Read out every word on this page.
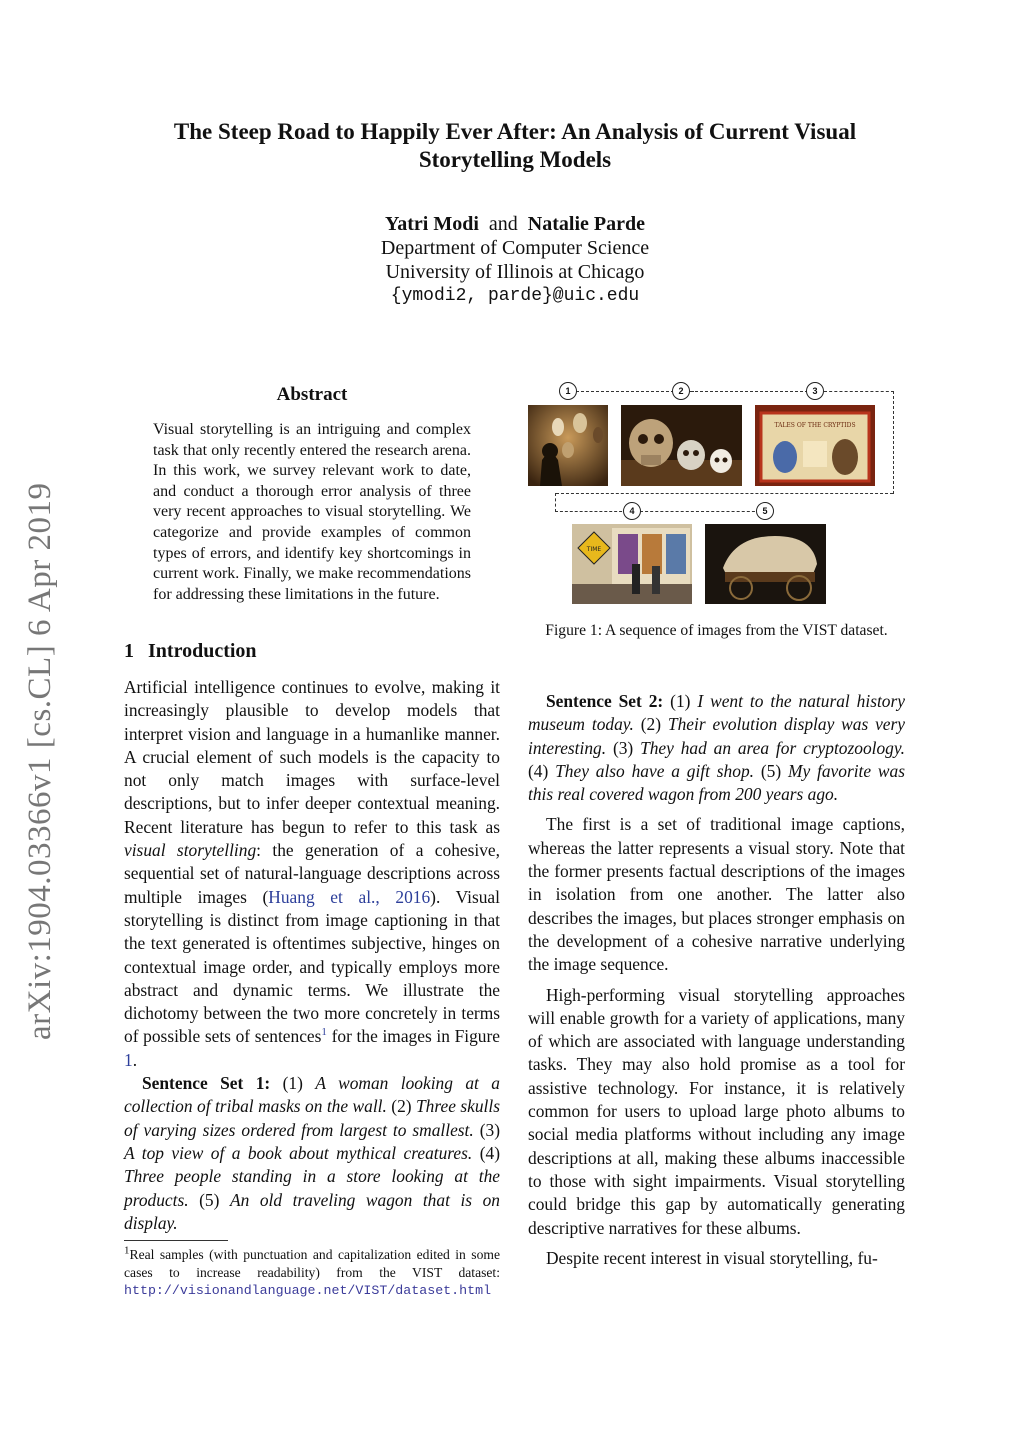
The Steep Road to Happily Ever After: An Analysis of Current Visual
Storytelling Models
Yatri Modi and Natalie Parde
Department of Computer Science
University of Illinois at Chicago
{ymodi2, parde}@uic.edu
arXiv:1904.03366v1 [cs.CL] 6 Apr 2019
Abstract
Visual storytelling is an intriguing and complex task that only recently entered the research arena. In this work, we survey relevant work to date, and conduct a thorough error analysis of three very recent approaches to visual storytelling. We categorize and provide examples of common types of errors, and identify key shortcomings in current work. Finally, we make recommendations for addressing these limitations in the future.
1 Introduction

Artificial intelligence continues to evolve, making it increasingly plausible to develop models that interpret vision and language in a humanlike manner. A crucial element of such models is the capacity to not only match images with surface-level descriptions, but to infer deeper contextual meaning. Recent literature has begun to refer to this task as visual storytelling: the generation of a cohesive, sequential set of natural-language descriptions across multiple images (Huang et al., 2016). Visual storytelling is distinct from image captioning in that the text generated is oftentimes subjective, hinges on contextual image order, and typically employs more abstract and dynamic terms. We illustrate the dichotomy between the two more concretely in terms of possible sets of sentences$^1$ for the images in Figure 1.

Sentence Set 1: (1) A woman looking at a collection of tribal masks on the wall. (2) Three skulls of varying sizes ordered from largest to smallest. (3) A top view of a book about mythical creatures. (4) Three people standing in a store looking at the products. (5) An old traveling wagon that is on display.

$^1$Real samples (with punctuation and capitalization edited in some cases to increase readability) from the VIST dataset: http://visionandlanguage.net/VIST/dataset.html
1	2	3
4	5
TALES OF THE CRYPTIDS
TIME
Figure 1: A sequence of images from the VIST dataset.

Sentence Set 2: (1) I went to the natural history museum today. (2) Their evolution display was very interesting. (3) They had an area for cryptozoology. (4) They also have a gift shop. (5) My favorite was this real covered wagon from 200 years ago.

The first is a set of traditional image captions, whereas the latter represents a visual story. Note that the former presents factual descriptions of the images in isolation from one another. The latter also describes the images, but places stronger emphasis on the development of a cohesive narrative underlying the image sequence.

High-performing visual storytelling approaches will enable growth for a variety of applications, many of which are associated with language understanding tasks. They may also hold promise as a tool for assistive technology. For instance, it is relatively common for users to upload large photo albums to social media platforms without including any image descriptions at all, making these albums inaccessible to those with sight impairments. Visual storytelling could bridge this gap by automatically generating descriptive narratives for these albums.

Despite recent interest in visual storytelling, fu-
